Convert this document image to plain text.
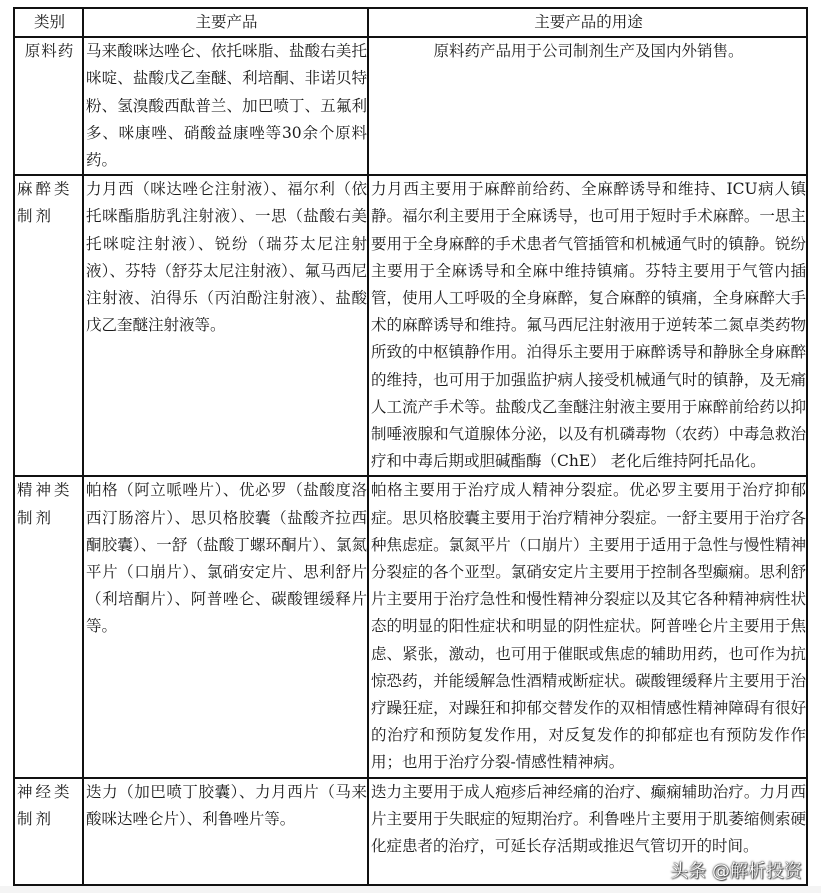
类别	主要产品	主要产品的用途
原料药	马来酸咪达唑仑、依托咪脂、盐酸右美托咪啶、盐酸戊乙奎醚、利培酮、非诺贝特粉、氢溴酸西酞普兰、加巴喷丁、五氟利多、咪康唑、硝酸益康唑等30余个原料药。	原料药产品用于公司制剂生产及国内外销售。
麻醉类制剂	力月西（咪达唑仑注射液）、福尔利（依托咪酯脂肪乳注射液）、一思（盐酸右美托咪啶注射液）、锐纷（瑞芬太尼注射液）、芬特（舒芬太尼注射液）、氟马西尼注射液、泊得乐（丙泊酚注射液）、盐酸戊乙奎醚注射液等。	力月西主要用于麻醉前给药、全麻醉诱导和维持、ICU病人镇静。福尔利主要用于全麻诱导，也可用于短时手术麻醉。一思主要用于全身麻醉的手术患者气管插管和机械通气时的镇静。锐纷主要用于全麻诱导和全麻中维持镇痛。芬特主要用于气管内插管，使用人工呼吸的全身麻醉，复合麻醉的镇痛，全身麻醉大手术的麻醉诱导和维持。氟马西尼注射液用于逆转苯二氮卓类药物所致的中枢镇静作用。泊得乐主要用于麻醉诱导和静脉全身麻醉的维持，也可用于加强监护病人接受机械通气时的镇静，及无痛人工流产手术等。盐酸戊乙奎醚注射液主要用于麻醉前给药以抑制唾液腺和气道腺体分泌，以及有机磷毒物（农药）中毒急救治疗和中毒后期或胆碱酯酶（ChE） 老化后维持阿托品化。
精神类制剂	帕格（阿立哌唑片）、优必罗（盐酸度洛西汀肠溶片）、思贝格胶囊（盐酸齐拉西酮胶囊）、一舒（盐酸丁螺环酮片）、氯氮平片（口崩片）、氯硝安定片、思利舒片（利培酮片）、阿普唑仑、碳酸锂缓释片等。	帕格主要用于治疗成人精神分裂症。优必罗主要用于治疗抑郁症。思贝格胶囊主要用于治疗精神分裂症。一舒主要用于治疗各种焦虑症。氯氮平片（口崩片）主要用于适用于急性与慢性精神分裂症的各个亚型。氯硝安定片主要用于控制各型癫痫。思利舒片主要用于治疗急性和慢性精神分裂症以及其它各种精神病性状态的明显的阳性症状和明显的阴性症状。阿普唑仑片主要用于焦虑、紧张，激动，也可用于催眠或焦虑的辅助用药，也可作为抗惊恐药，并能缓解急性酒精戒断症状。碳酸锂缓释片主要用于治疗躁狂症，对躁狂和抑郁交替发作的双相情感性精神障碍有很好的治疗和预防复发作用，对反复发作的抑郁症也有预防发作作用；也用于治疗分裂-情感性精神病。
神经类制剂	迭力（加巴喷丁胶囊）、力月西片（马来酸咪达唑仑片）、利鲁唑片等。	迭力主要用于成人疱疹后神经痛的治疗、癫痫辅助治疗。力月西片主要用于失眠症的短期治疗。利鲁唑片主要用于肌萎缩侧索硬化症患者的治疗，可延长存活期或推迟气管切开的时间。
头条 @解析投资
